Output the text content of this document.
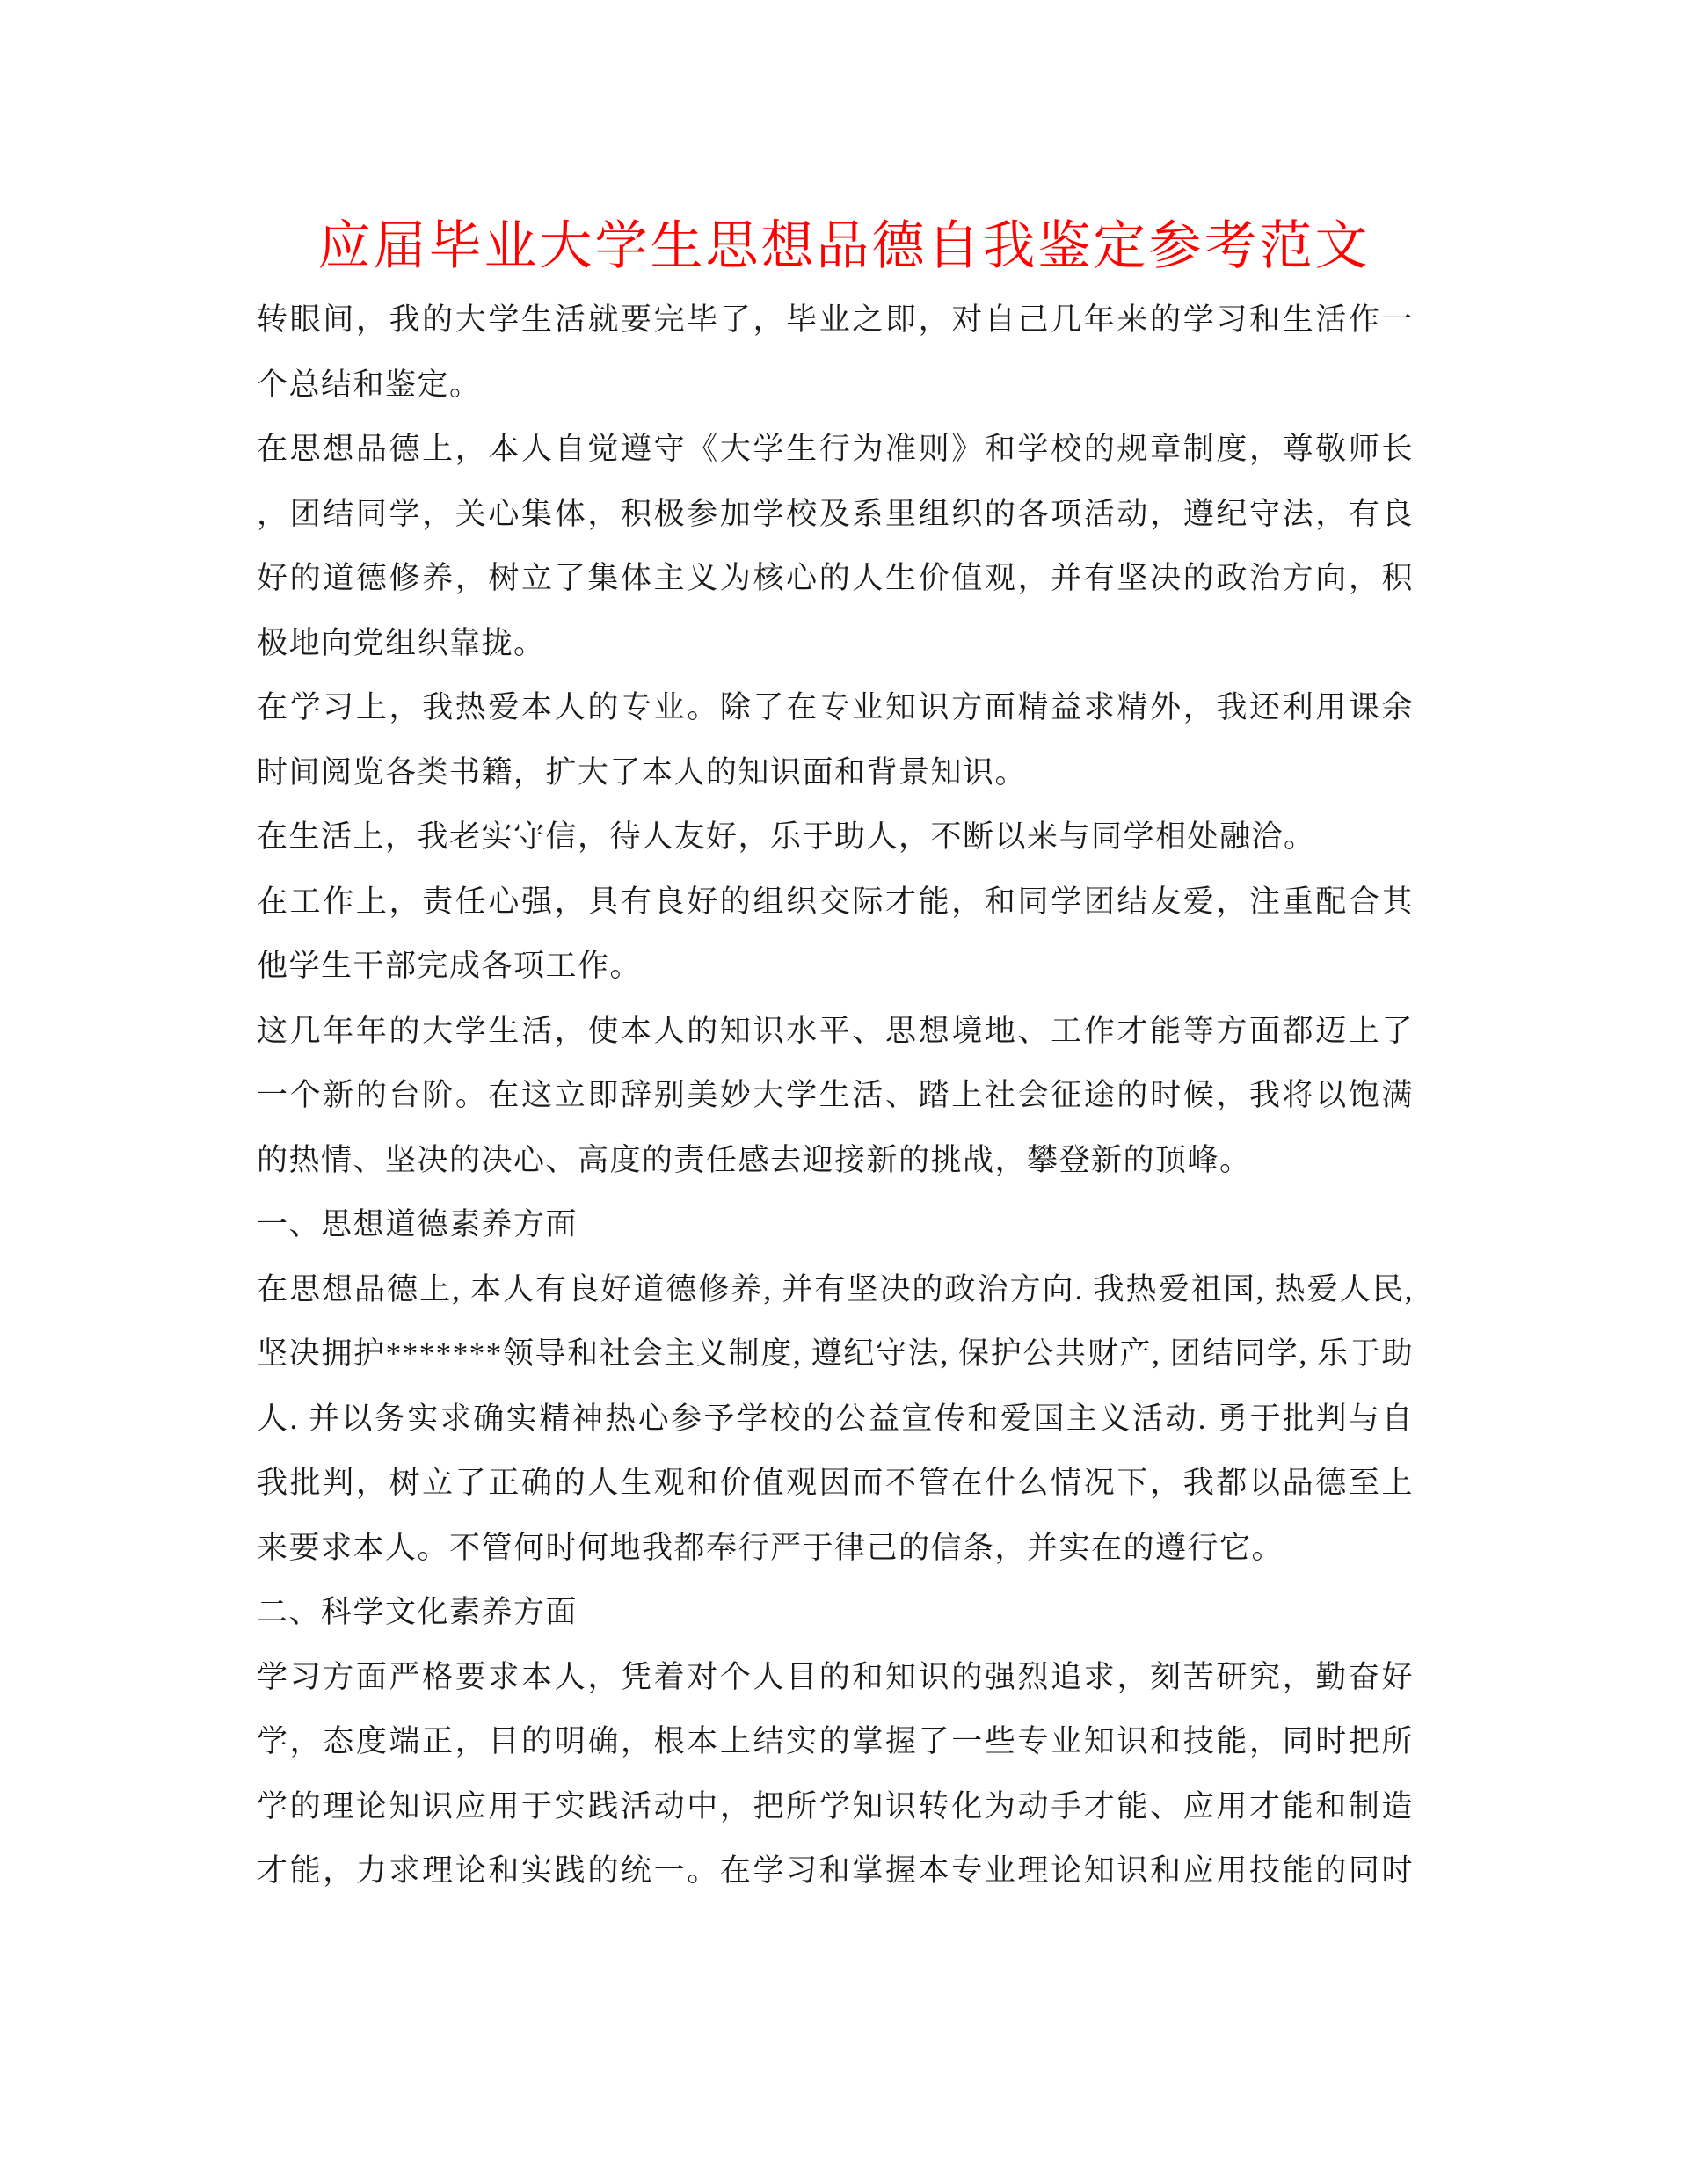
应届毕业大学生思想品德自我鉴定参考范文
转眼间，我的大学生活就要完毕了，毕业之即，对自己几年来的学习和生活作一
个总结和鉴定。
在思想品德上，本人自觉遵守《大学生行为准则》和学校的规章制度，尊敬师长
，团结同学，关心集体，积极参加学校及系里组织的各项活动，遵纪守法，有良
好的道德修养，树立了集体主义为核心的人生价值观，并有坚决的政治方向，积
极地向党组织靠拢。
在学习上，我热爱本人的专业。除了在专业知识方面精益求精外，我还利用课余
时间阅览各类书籍，扩大了本人的知识面和背景知识。
在生活上，我老实守信，待人友好，乐于助人，不断以来与同学相处融洽。
在工作上，责任心强，具有良好的组织交际才能，和同学团结友爱，注重配合其
他学生干部完成各项工作。
这几年年的大学生活，使本人的知识水平、思想境地、工作才能等方面都迈上了
一个新的台阶。在这立即辞别美妙大学生活、踏上社会征途的时候，我将以饱满
的热情、坚决的决心、高度的责任感去迎接新的挑战，攀登新的顶峰。
一、思想道德素养方面
在思想品德上, 本人有良好道德修养, 并有坚决的政治方向. 我热爱祖国, 热爱人民,
坚决拥护*******领导和社会主义制度, 遵纪守法, 保护公共财产, 团结同学, 乐于助
人. 并以务实求确实精神热心参予学校的公益宣传和爱国主义活动. 勇于批判与自
我批判，树立了正确的人生观和价值观因而不管在什么情况下，我都以品德至上
来要求本人。不管何时何地我都奉行严于律己的信条，并实在的遵行它。
二、科学文化素养方面
学习方面严格要求本人，凭着对个人目的和知识的强烈追求，刻苦研究，勤奋好
学，态度端正，目的明确，根本上结实的掌握了一些专业知识和技能，同时把所
学的理论知识应用于实践活动中，把所学知识转化为动手才能、应用才能和制造
才能，力求理论和实践的统一。在学习和掌握本专业理论知识和应用技能的同时
